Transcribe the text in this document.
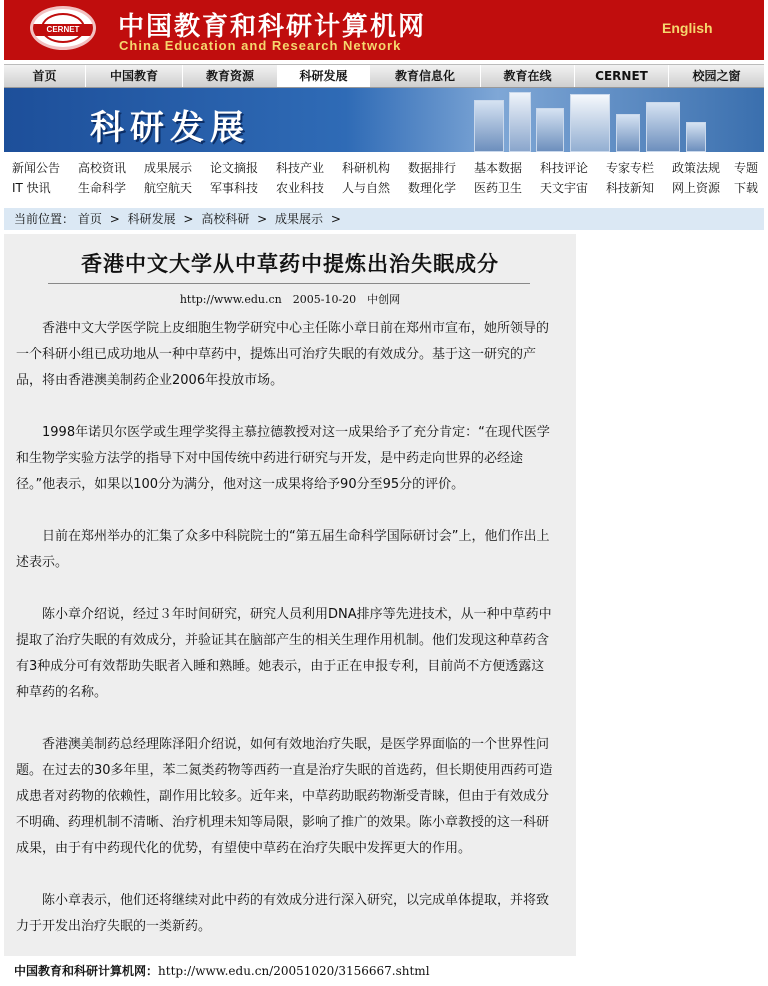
CERNET	中国教育和科研计算机网
China Education and Research Network
English
首页	中国教育	教育资源	科研发展	教育信息化	教育在线	CERNET	校园之窗
科研发展
新闻公告 高校资讯 成果展示 论文摘报 科技产业 科研机构 数据排行 基本数据 科技评论 专家专栏 政策法规 专题
IT 快讯 生命科学 航空航天 军事科技 农业科技 人与自然 数理化学 医药卫生 天文宇宙 科技新知 网上资源 下载
当前位置： 首页 > 科研发展 > 高校科研 > 成果展示 >
香港中文大学从中草药中提炼出治失眠成分
http://www.edu.cn　2005-10-20　中创网

香港中文大学医学院上皮细胞生物学研究中心主任陈小章日前在郑州市宣布，她所领导的一个科研小组已成功地从一种中草药中，提炼出可治疗失眠的有效成分。基于这一研究的产品，将由香港澳美制药企业2006年投放市场。

1998年诺贝尔医学或生理学奖得主慕拉德教授对这一成果给予了充分肯定：“在现代医学和生物学实验方法学的指导下对中国传统中药进行研究与开发，是中药走向世界的必经途径。”他表示，如果以100分为满分，他对这一成果将给予90分至95分的评价。

日前在郑州举办的汇集了众多中科院院士的“第五届生命科学国际研讨会”上，他们作出上述表示。

陈小章介绍说，经过３年时间研究，研究人员利用DNA排序等先进技术，从一种中草药中提取了治疗失眠的有效成分，并验证其在脑部产生的相关生理作用机制。他们发现这种草药含有3种成分可有效帮助失眠者入睡和熟睡。她表示，由于正在申报专利，目前尚不方便透露这种草药的名称。

香港澳美制药总经理陈泽阳介绍说，如何有效地治疗失眠，是医学界面临的一个世界性问题。在过去的30多年里，苯二氮类药物等西药一直是治疗失眠的首选药，但长期使用西药可造成患者对药物的依赖性，副作用比较多。近年来，中草药助眠药物渐受青睐，但由于有效成分不明确、药理机制不清晰、治疗机理未知等局限，影响了推广的效果。陈小章教授的这一科研成果，由于有中药现代化的优势，有望使中草药在治疗失眠中发挥更大的作用。

陈小章表示，他们还将继续对此中药的有效成分进行深入研究，以完成单体提取，并将致力于开发出治疗失眠的一类新药。

中国教育和科研计算机网：http://www.edu.cn/20051020/3156667.shtml
